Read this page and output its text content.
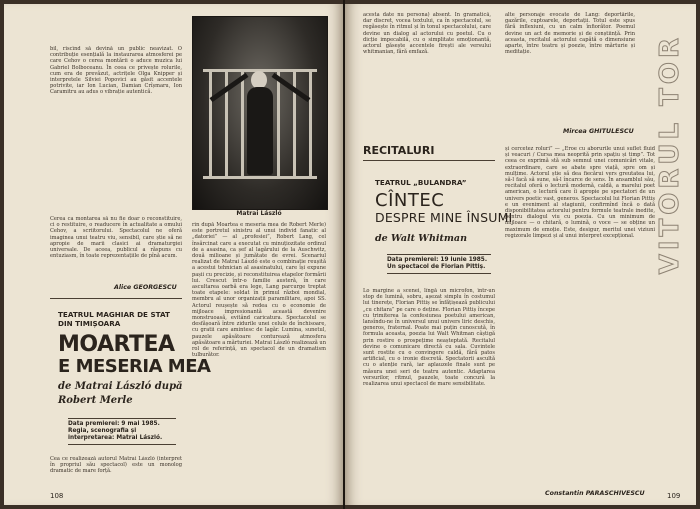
bil, riscînd să devină un public neavizat. O contribuție esențială la instaurarea atmosferei pe care Cehov o cerea montării o aduce muzica lui Gabriel Bolboceanu. În ceea ce privește rolurile, cum era de prevăzut, actrițele Olga Knipper și interpretele Silviei Popovici au găsit accentele potrivite, iar Ion Lucian, Damian Crîșmaru, Ion Caramitru au adus o vibrație autentică.
Cerea ca montarea să nu fie doar o reconstituire, ci o restituire, o readucere în actualitate a omului Cehov, a scriitorului. Spectacolul ne oferă imaginea unui teatru viu, sensibil, care știe să ne apropie de marii clasici ai dramaturgiei universale. De aceea, publicul a răspuns cu entuziasm, în toate reprezentațiile de pînă acum.
Alice GEORGESCU
TEATRUL MAGHIAR DE STAT DIN TIMIȘOARA
MOARTEA
E MESERIA MEA
de Matrai László după
Robert Merle
Data premierei: 9 mai 1985.
Regia, scenografia și interpretarea: Matrai László.
Cea ce realizează autorul Matrai László (interpret în propriul său spectacol) este un monolog dramatic de mare forță.
Matrai László
rin după Moartea e meseria mea de Robert Merle) este portretul sinistru al unui individ fanatic al „datoriei” — al „profesiei”, Robert Lang, cel însărcinat care a executat cu minuțiozitate ordinul de a asasina, ca șef al lagărului de la Auschwitz, două milioane și jumătate de evrei. Scenariul realizat de Matrai László este o combinație reușită a acestui tehnician al asasinatului, care își expune pașii cu precizie, și reconstituirea etapelor formării lui. Crescut într-o familie austeră, în care ascultarea oarbă era lege, Lang parcurge treptat toate etapele: soldat în primul război mondial, membru al unor organizații paramilitare, apoi SS. Actorul reușește să redea cu o economie de mijloace impresionantă această devenire monstruoasă, evitând caricatura. Spectacolul se desfășoară între zidurile unei celule de închisoare, cu gratii care amintesc de lagăr. Lumina, sunetul, pauzele apăsătoare conturează atmosfera apăsătoare a mărturiei. Matrai László realizează un rol de referință, un spectacol de un dramatism tulburător.
108
acesta date nu persona) absent. În gramatică, dar discret, vocea textului, ca în spectacolul, se regăsește în ritmul și în tonul spectacolului, care devine un dialog al actorului cu poetul. Cu o dicție impecabilă, cu o simplitate emoționantă, actorul găsește accentele firești ale versului whitmanian, fără emfază.
alte personaje evocate de Lang: deportările, gazările, cuptoarele, deportații. Totul este spus fără inflexiuni, cu un calm înfiorător. Poemul devine un act de memorie și de conștiință. Prin aceasta, recitalul actorului capătă o dimensiune aparte, între teatru și poezie, între mărturie și meditație.
Mircea GHITULESCU VITORUL TOR
RECITALURI
TEATRUL „BULANDRA”
CÎNTEC
DESPRE MINE ÎNSUMI
de Walt Whitman
Data premierei: 19 iunie 1985.
Un spectacol de Florian Pittiș.
Lo margine a scenei, lîngă un microfon, într-un stop de lumină, sobru, așezat simplu în costumul lui tinerețe, Florian Pittiș se înfățișează publicului „cu chitara” pe care o deține. Florian Pittiș începe cu trimiterea la confesiunea poetului american, lansîndu-ne în universul unui univers liric deschis, generos, fraternal. Poate mai puțin cunoscută, în formula aceasta, poezia lui Walt Whitman câștigă prin rostire o prospețime neașteptată. Recitalul devine o comunicare directă cu sala. Cuvintele sunt rostite cu o convingere caldă, fără patos artificial, cu o ironie discretă. Spectatorii ascultă cu o atenție rară, iar aplauzele finale sunt pe măsura unei seri de teatru autentic. Adaptarea versurilor, ritmul, pauzele, toate concură la realizarea unui spectacol de mare sensibilitate.
și cercetez roluri” — „Eroe cu aborurile unui suflet fluid și veacuri / Cursa mea neoprită prin spațiu și timp”. Tot ceea ce exprimă stă sub semnul unei comunicări vitale, extraordinare, care se abate spre viață, spre om și mulțime. Actorul știe să dea fiecărui vers greutatea lui, să-l facă să sune, să-l încarce de sens. În ansamblul său, recitalul oferă o lectură modernă, caldă, a marelui poet american, o lectură care îi apropie pe spectatori de un univers poetic vast, generos. Spectacolul lui Florian Pittiș e un eveniment al stagiunii, confirmînd încă o dată disponibilitatea actorului pentru formule teatrale inedite, pentru dialogul viu cu poezia. Cu un minimum de mijloace — o chitară, o lumină, o voce — se obține un maximum de emoție. Este, desigur, meritul unei viziuni regizorale limpezi și al unui interpret excepțional.
Constantin PARASCHIVESCU	109
